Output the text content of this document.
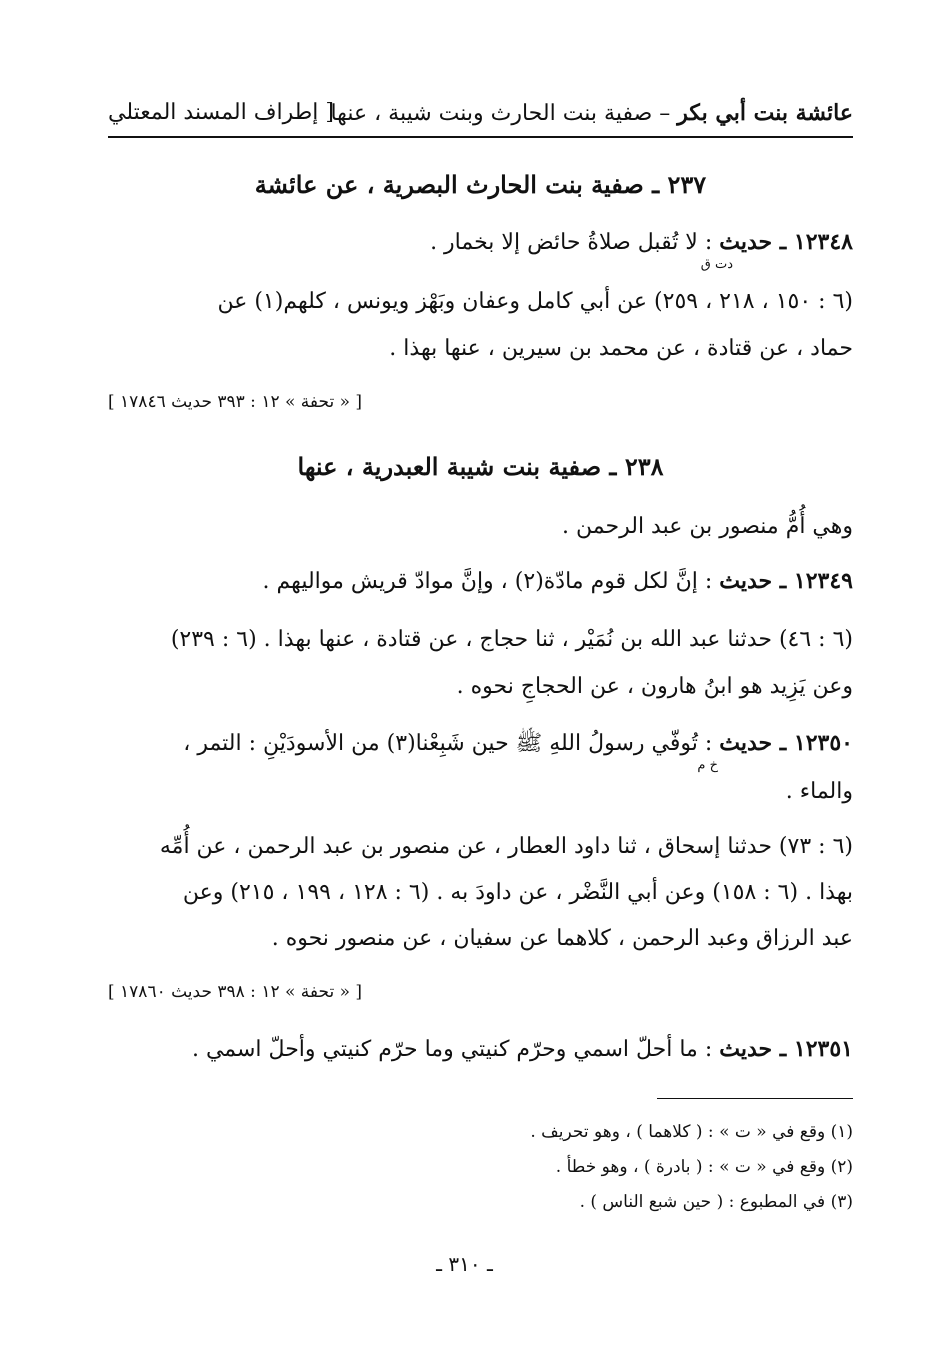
عائشة بنت أبي بكر – صفية بنت الحارث وبنت شيبة ، عنها
[ إطراف المسند المعتلي
٢٣٧ ـ صفية بنت الحارث البصرية ، عن عائشة
١٢٣٤٨ ـ حديث : لا تُقبل صلاةُ حائض إلا بخمار .
دت ق
(٦ : ١٥٠ ، ٢١٨ ، ٢٥٩) عن أبي كامل وعفان وبَهْز ويونس ، كلهم(١) عن
حماد ، عن قتادة ، عن محمد بن سيرين ، عنها بهذا .
[ « تحفة » ١٢ : ٣٩٣ حديث ١٧٨٤٦ ]
٢٣٨ ـ صفية بنت شيبة العبدرية ، عنها
وهي أُمُّ منصور بن عبد الرحمن .
١٢٣٤٩ ـ حديث : إنَّ لكل قوم مادّة(٢) ، وإنَّ موادّ قريش مواليهم .
(٦ : ٤٦) حدثنا عبد الله بن نُمَيْر ، ثنا حجاج ، عن قتادة ، عنها بهذا . (٦ : ٢٣٩)
وعن يَزِيد هو ابنُ هارون ، عن الحجاجِ نحوه .
١٢٣٥٠ ـ حديث : تُوفّي رسولُ اللهِ ﷺ حين شَبِعْنا(٣) من الأسودَيْنِ : التمر ،
خ م
والماء .
(٦ : ٧٣) حدثنا إسحاق ، ثنا داود العطار ، عن منصور بن عبد الرحمن ، عن أُمِّه
بهذا . (٦ : ١٥٨) وعن أبي النَّضْر ، عن داودَ به . (٦ : ١٢٨ ، ١٩٩ ، ٢١٥) وعن
عبد الرزاق وعبد الرحمن ، كلاهما عن سفيان ، عن منصور نحوه .
[ « تحفة » ١٢ : ٣٩٨ حديث ١٧٨٦٠ ]
١٢٣٥١ ـ حديث : ما أحلّ اسمي وحرّم كنيتي وما حرّم كنيتي وأحلّ اسمي .
(١) وقع في « ت » : ( كلاهما ) ، وهو تحريف .
(٢) وقع في « ت » : ( بادرة ) ، وهو خطأ .
(٣) في المطبوع : ( حين شبع الناس ) .
ـ ٣١٠ ـ
